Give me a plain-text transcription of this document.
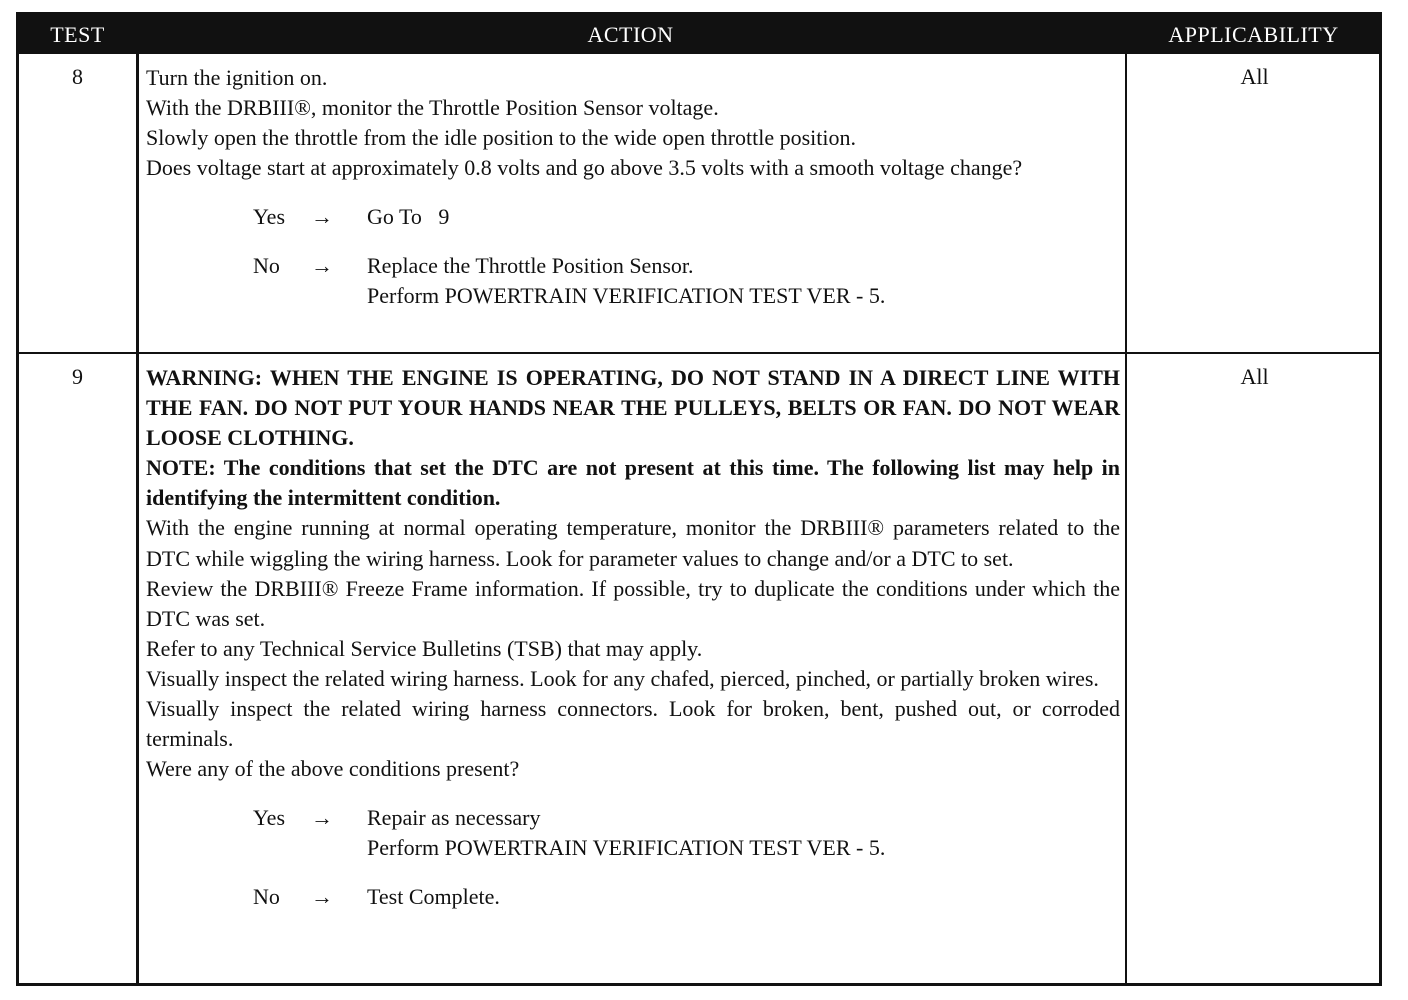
TEST	ACTION	APPLICABILITY
8	Turn the ignition on.

With the DRBIII®, monitor the Throttle Position Sensor voltage.

Slowly open the throttle from the idle position to the wide open throttle position.

Does voltage start at approximately 0.8 volts and go above 3.5 volts with a smooth voltage change?

Yes	→	Go To   9
No	→	Replace the Throttle Position Sensor.
Perform POWERTRAIN VERIFICATION TEST VER - 5.
All
9	WARNING: WHEN THE ENGINE IS OPERATING, DO NOT STAND IN A DIRECT LINE WITH THE FAN. DO NOT PUT YOUR HANDS NEAR THE PULLEYS, BELTS OR FAN. DO NOT WEAR LOOSE CLOTHING.

NOTE: The conditions that set the DTC are not present at this time. The following list may help in identifying the intermittent condition.

With the engine running at normal operating temperature, monitor the DRBIII® parameters related to the DTC while wiggling the wiring harness. Look for parameter values to change and/or a DTC to set.

Review the DRBIII® Freeze Frame information. If possible, try to duplicate the conditions under which the DTC was set.

Refer to any Technical Service Bulletins (TSB) that may apply.

Visually inspect the related wiring harness. Look for any chafed, pierced, pinched, or partially broken wires.

Visually inspect the related wiring harness connectors. Look for broken, bent, pushed out, or corroded terminals.

Were any of the above conditions present?

Yes	→	Repair as necessary
Perform POWERTRAIN VERIFICATION TEST VER - 5.
No	→	Test Complete.
All
